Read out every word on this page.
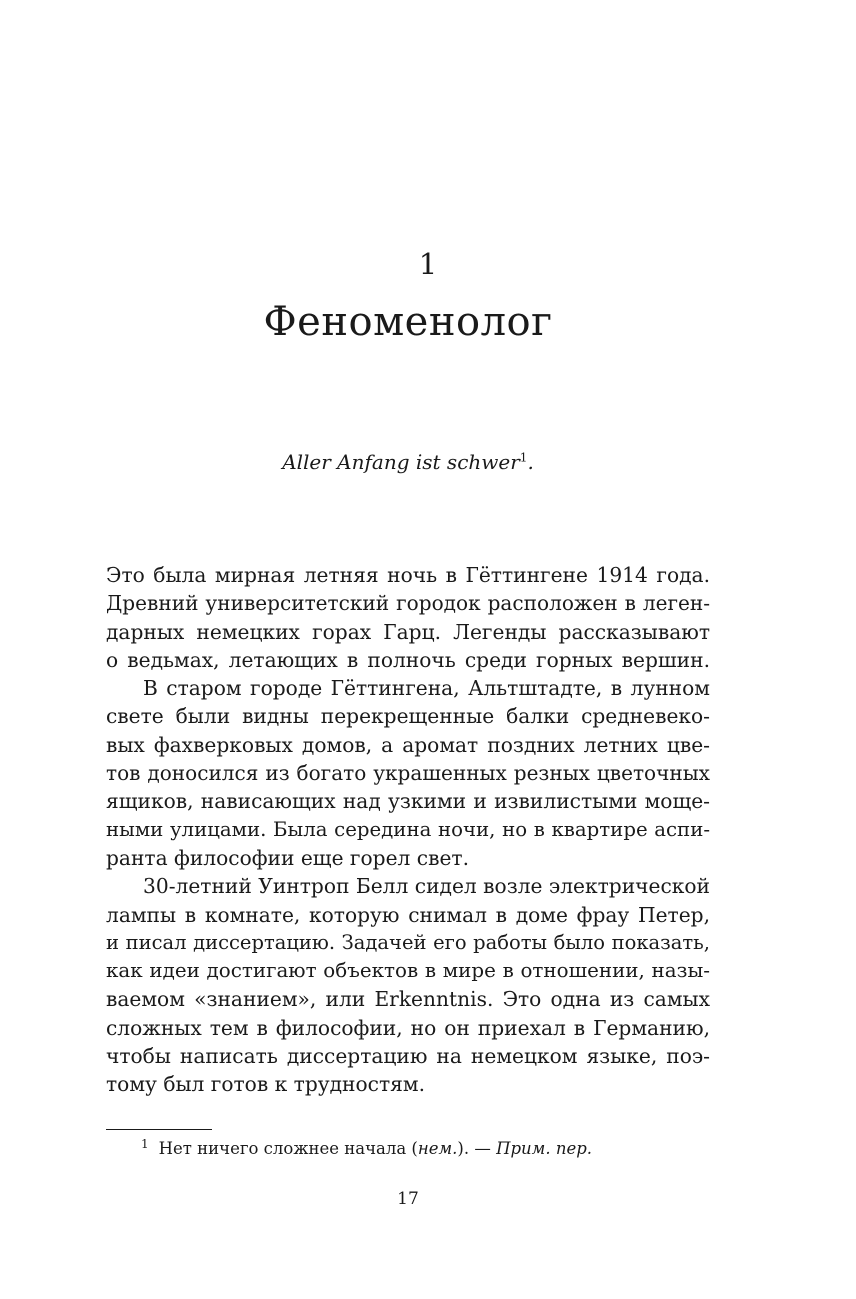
1
Феноменолог
Aller Anfang ist schwer$^1$.
Это была мирная летняя ночь в Гёттингене 1914 года.
Древний университетский городок расположен в леген-
дарных немецких горах Гарц. Легенды рассказывают
о ведьмах, летающих в полночь среди горных вершин.
В старом городе Гёттингена, Альтштадте, в лунном
свете были видны перекрещенные балки средневеко-
вых фахверковых домов, а аромат поздних летних цве-
тов доносился из богато украшенных резных цветочных
ящиков, нависающих над узкими и извилистыми моще-
ными улицами. Была середина ночи, но в квартире аспи-
ранта философии еще горел свет.
30-летний Уинтроп Белл сидел возле электрической
лампы в комнате, которую снимал в доме фрау Петер,
и писал диссертацию. Задачей его работы было показать,
как идеи достигают объектов в мире в отношении, назы-
ваемом «знанием», или Erkenntnis. Это одна из самых
сложных тем в философии, но он приехал в Германию,
чтобы написать диссертацию на немецком языке, поэ-
тому был готов к трудностям.
$^1$ Нет ничего сложнее начала (нем.). — Прим. пер.
17
